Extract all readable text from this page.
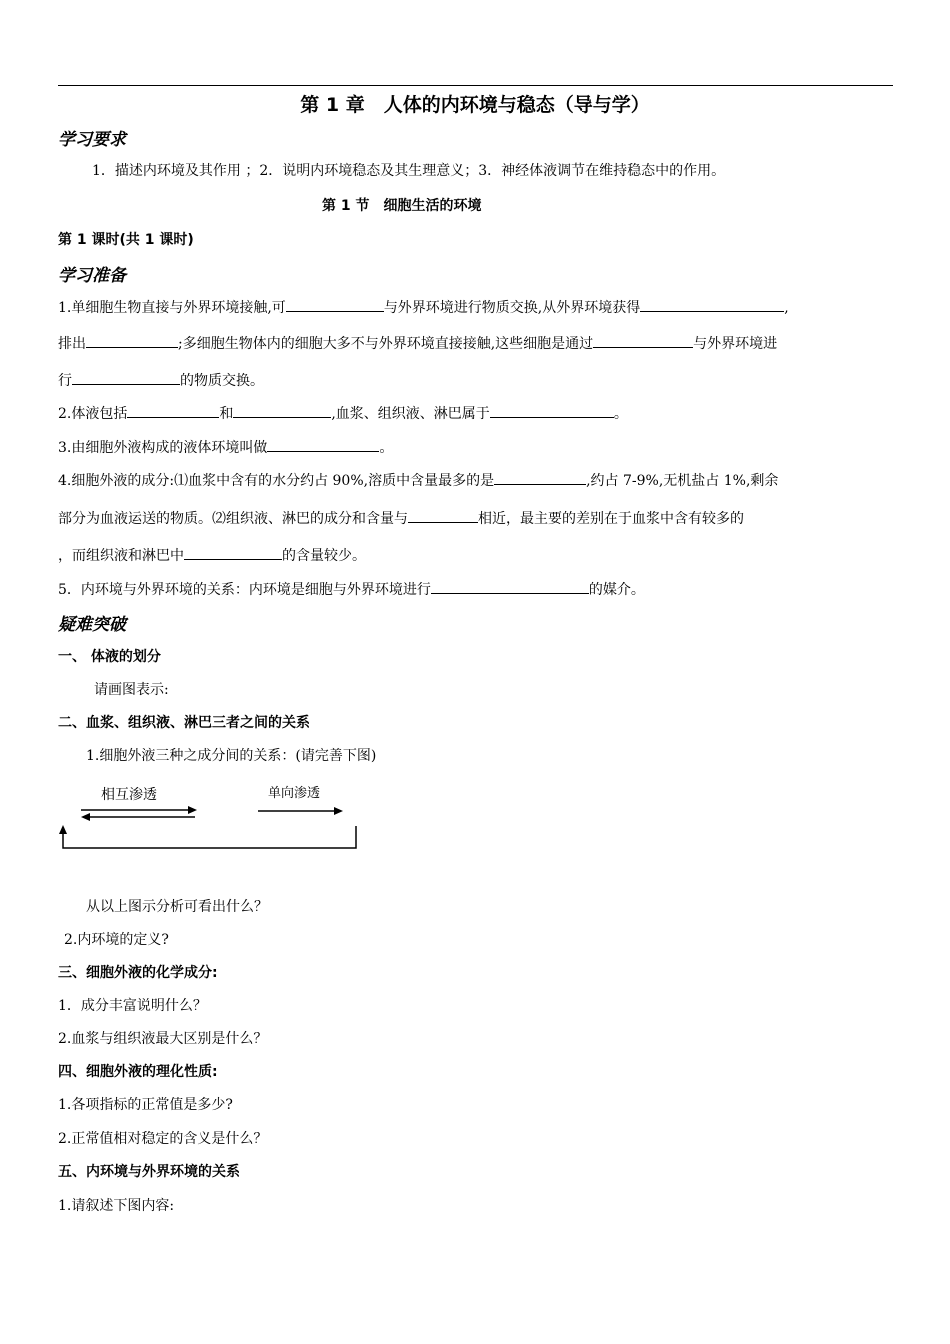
第 1 章　人体的内环境与稳态（导与学）
学习要求
1．描述内环境及其作用 ；2．说明内环境稳态及其生理意义；3．神经体液调节在维持稳态中的作用。
第 1 节　细胞生活的环境
第 1 课时(共 1 课时)
学习准备
1.单细胞生物直接与外界环境接触,可	与外界环境进行物质交换,从外界环境获得	,
排出	;多细胞生物体内的细胞大多不与外界环境直接接触,这些细胞是通过	与外界环境进
行	的物质交换。
2.体液包括	和	,血浆、组织液、淋巴属于	。
3.由细胞外液构成的液体环境叫做	。
4.细胞外液的成分:⑴血浆中含有的水分约占 90%,溶质中含量最多的是	,约占 7-9%,无机盐占 1%,剩余
部分为血液运送的物质。⑵组织液、淋巴的成分和含量与	相近，最主要的差别在于血浆中含有较多的
，而组织液和淋巴中	的含量较少。
5．内环境与外界环境的关系：内环境是细胞与外界环境进行	的媒介。
疑难突破
一、 体液的划分
请画图表示:
二、血浆、组织液、淋巴三者之间的关系
1.细胞外液三种之成分间的关系：(请完善下图)
相互渗透	单向渗透
从以上图示分析可看出什么？
2.内环境的定义?
三、细胞外液的化学成分:
1．成分丰富说明什么？
2.血浆与组织液最大区别是什么？
四、细胞外液的理化性质:
1.各项指标的正常值是多少?
2.正常值相对稳定的含义是什么？
五、内环境与外界环境的关系
1.请叙述下图内容:
